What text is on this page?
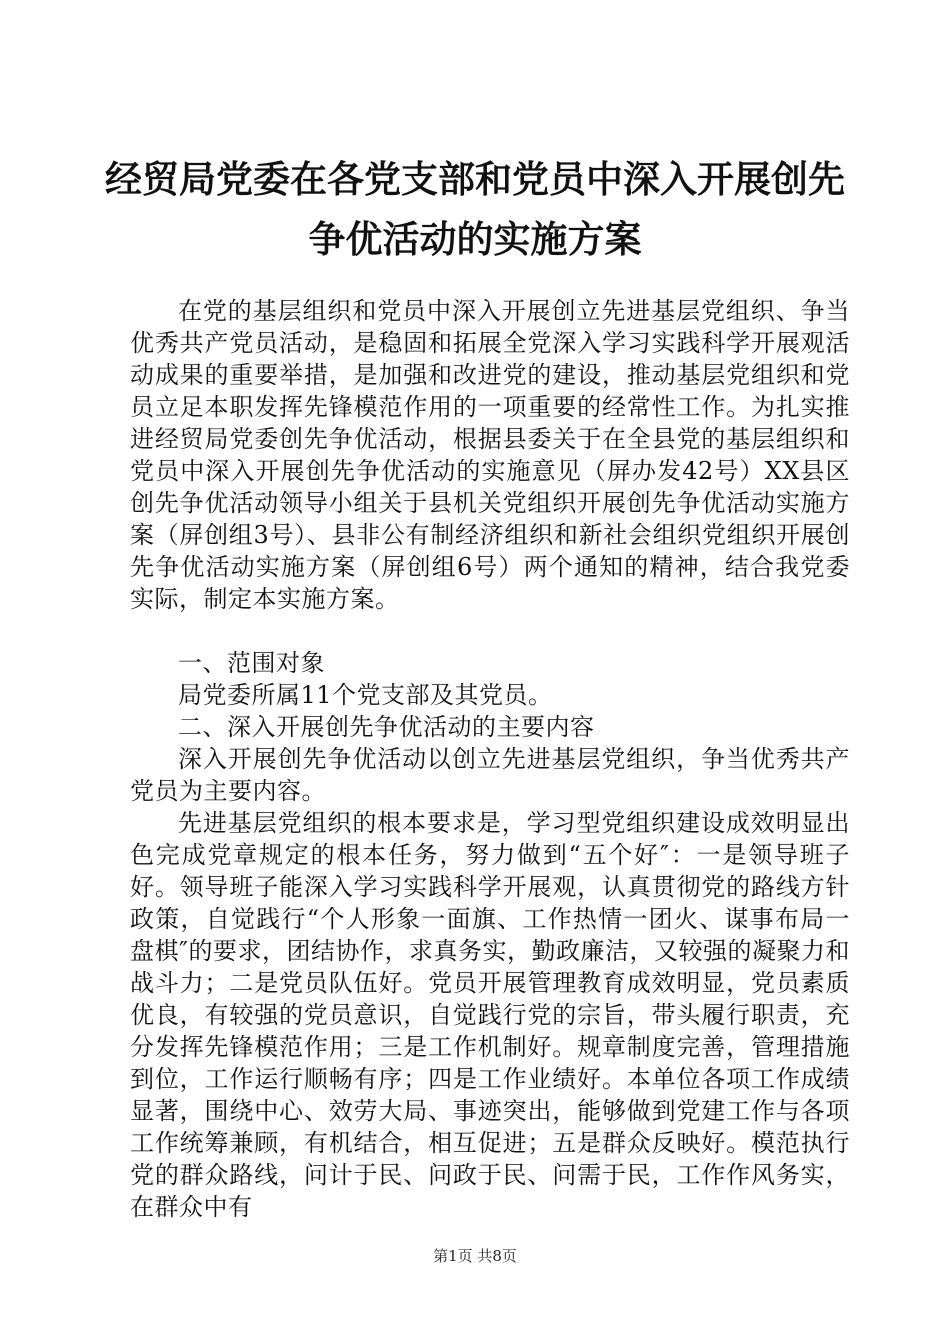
经贸局党委在各党支部和党员中深入开展创先
争优活动的实施方案

在党的基层组织和党员中深入开展创立先进基层党组织、争当优秀共产党员活动，是稳固和拓展全党深入学习实践科学开展观活动成果的重要举措，是加强和改进党的建设，推动基层党组织和党员立足本职发挥先锋模范作用的一项重要的经常性工作。为扎实推进经贸局党委创先争优活动，根据县委关于在全县党的基层组织和党员中深入开展创先争优活动的实施意见（屏办发42号）XX县区创先争优活动领导小组关于县机关党组织开展创先争优活动实施方案（屏创组3号）、县非公有制经济组织和新社会组织党组织开展创先争优活动实施方案（屏创组6号）两个通知的精神，结合我党委实际，制定本实施方案。

一、范围对象

局党委所属11个党支部及其党员。

二、深入开展创先争优活动的主要内容

深入开展创先争优活动以创立先进基层党组织，争当优秀共产党员为主要内容。

先进基层党组织的根本要求是，学习型党组织建设成效明显出色完成党章规定的根本任务，努力做到“五个好″：一是领导班子好。领导班子能深入学习实践科学开展观，认真贯彻党的路线方针政策，自觉践行“个人形象一面旗、工作热情一团火、谋事布局一盘棋″的要求，团结协作，求真务实，勤政廉洁，又较强的凝聚力和战斗力；二是党员队伍好。党员开展管理教育成效明显，党员素质优良，有较强的党员意识，自觉践行党的宗旨，带头履行职责，充分发挥先锋模范作用；三是工作机制好。规章制度完善，管理措施到位，工作运行顺畅有序；四是工作业绩好。本单位各项工作成绩显著，围绕中心、效劳大局、事迹突出，能够做到党建工作与各项工作统筹兼顾，有机结合，相互促进；五是群众反映好。模范执行党的群众路线，问计于民、问政于民、问需于民，工作作风务实，在群众中有

第1页 共8页
